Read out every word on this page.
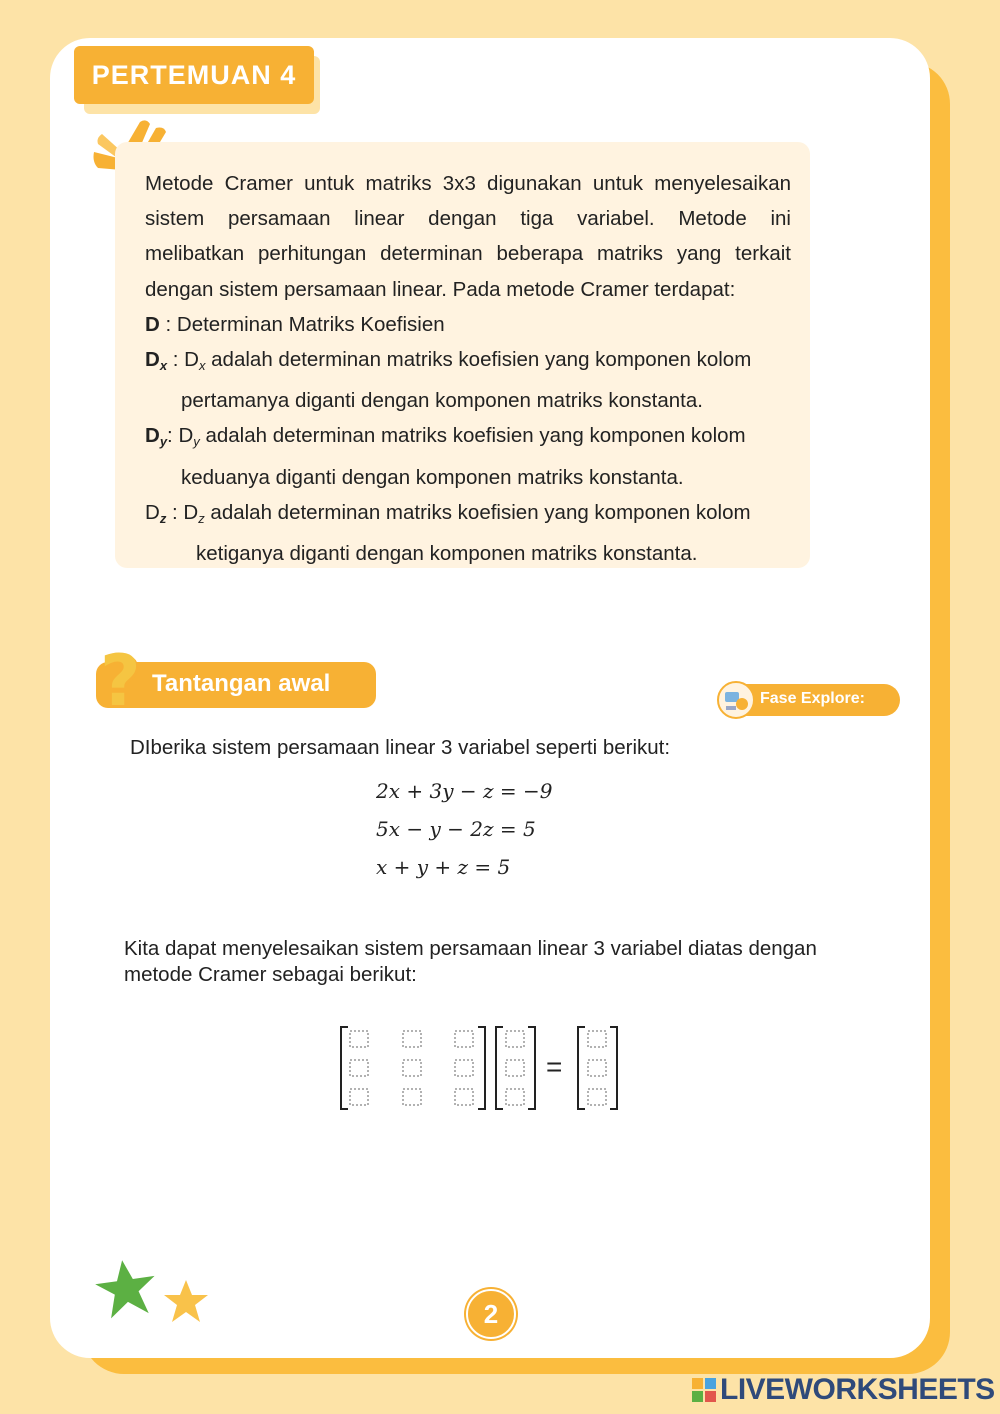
PERTEMUAN 4
Metode Cramer untuk matriks 3x3 digunakan untuk menyelesaikan
sistem persamaan linear dengan tiga variabel. Metode ini
melibatkan perhitungan determinan beberapa matriks yang terkait
dengan sistem persamaan linear. Pada metode Cramer terdapat:
D : Determinan Matriks Koefisien
Dx : Dx adalah determinan matriks koefisien yang komponen kolom
pertamanya diganti dengan komponen matriks konstanta.
Dy: Dy adalah determinan matriks koefisien yang komponen kolom
keduanya diganti dengan komponen matriks konstanta.
Dz : Dz adalah determinan matriks koefisien yang komponen kolom
ketiganya diganti dengan komponen matriks konstanta.
Tantangan awal
?	Fase Explore:
DIberika sistem persamaan linear 3 variabel seperti berikut:
2x + 3y − z = −9
5x − y − 2z = 5
x + y + z = 5
Kita dapat menyelesaikan sistem persamaan linear 3 variabel diatas dengan metode Cramer sebagai berikut:
=
2
LIVEWORKSHEETS
